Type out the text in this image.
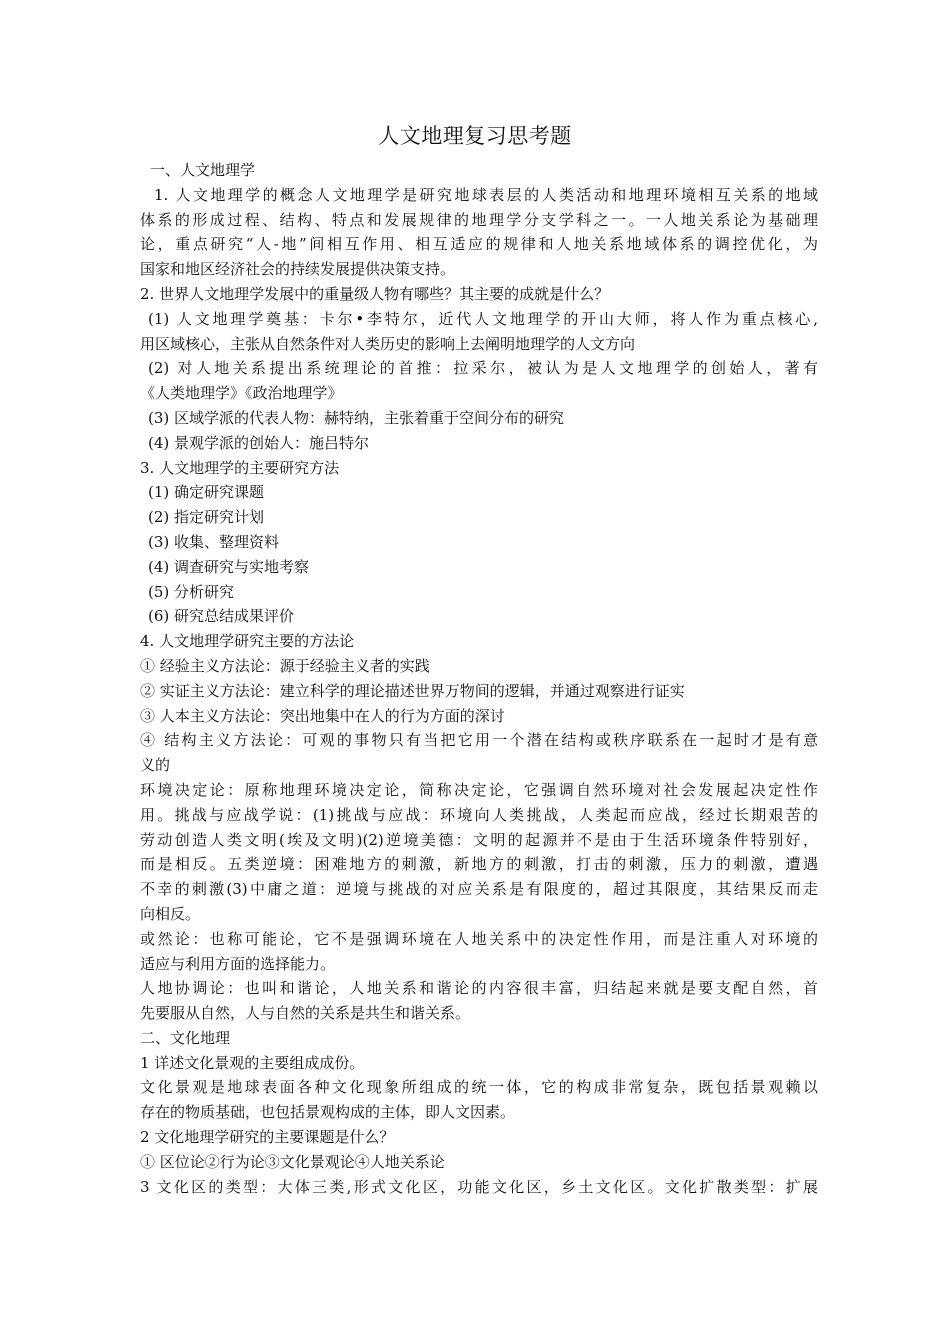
人文地理复习思考题
一、人文地理学
1. 人文地理学的概念人文地理学是研究地球表层的人类活动和地理环境相互关系的地域
体系的形成过程、结构、特点和发展规律的地理学分支学科之一。一人地关系论为基础理
论，重点研究“人-地”间相互作用、相互适应的规律和人地关系地域体系的调控优化，为
国家和地区经济社会的持续发展提供决策支持。
2. 世界人文地理学发展中的重量级人物有哪些？其主要的成就是什么？
(1) 人文地理学奠基：卡尔•李特尔，近代人文地理学的开山大师，将人作为重点核心,
用区域核心，主张从自然条件对人类历史的影响上去阐明地理学的人文方向
(2) 对人地关系提出系统理论的首推：拉采尔，被认为是人文地理学的创始人，著有
《人类地理学》《政治地理学》
(3) 区域学派的代表人物：赫特纳，主张着重于空间分布的研究
(4) 景观学派的创始人：施吕特尔
3. 人文地理学的主要研究方法
(1) 确定研究课题
(2) 指定研究计划
(3) 收集、整理资料
(4) 调查研究与实地考察
(5) 分析研究
(6) 研究总结成果评价
4. 人文地理学研究主要的方法论
① 经验主义方法论：源于经验主义者的实践
② 实证主义方法论：建立科学的理论描述世界万物间的逻辑，并通过观察进行证实
③ 人本主义方法论：突出地集中在人的行为方面的深讨
④ 结构主义方法论：可观的事物只有当把它用一个潜在结构或秩序联系在一起时才是有意
义的
环境决定论：原称地理环境决定论，简称决定论，它强调自然环境对社会发展起决定性作
用。挑战与应战学说：(1)挑战与应战：环境向人类挑战，人类起而应战，经过长期艰苦的
劳动创造人类文明(埃及文明)(2)逆境美德：文明的起源并不是由于生活环境条件特别好，
而是相反。五类逆境：困难地方的刺激，新地方的刺激，打击的刺激，压力的刺激，遭遇
不幸的刺激(3)中庸之道：逆境与挑战的对应关系是有限度的，超过其限度，其结果反而走
向相反。
或然论：也称可能论，它不是强调环境在人地关系中的决定性作用，而是注重人对环境的
适应与利用方面的选择能力。
人地协调论：也叫和谐论，人地关系和谐论的内容很丰富，归结起来就是要支配自然，首
先要服从自然，人与自然的关系是共生和谐关系。
二、文化地理
1 详述文化景观的主要组成成份。
文化景观是地球表面各种文化现象所组成的统一体，它的构成非常复杂，既包括景观赖以
存在的物质基础，也包括景观构成的主体，即人文因素。
2 文化地理学研究的主要课题是什么？
① 区位论②行为论③文化景观论④人地关系论
3 文化区的类型：大体三类,形式文化区，功能文化区，乡土文化区。文化扩散类型：扩展
